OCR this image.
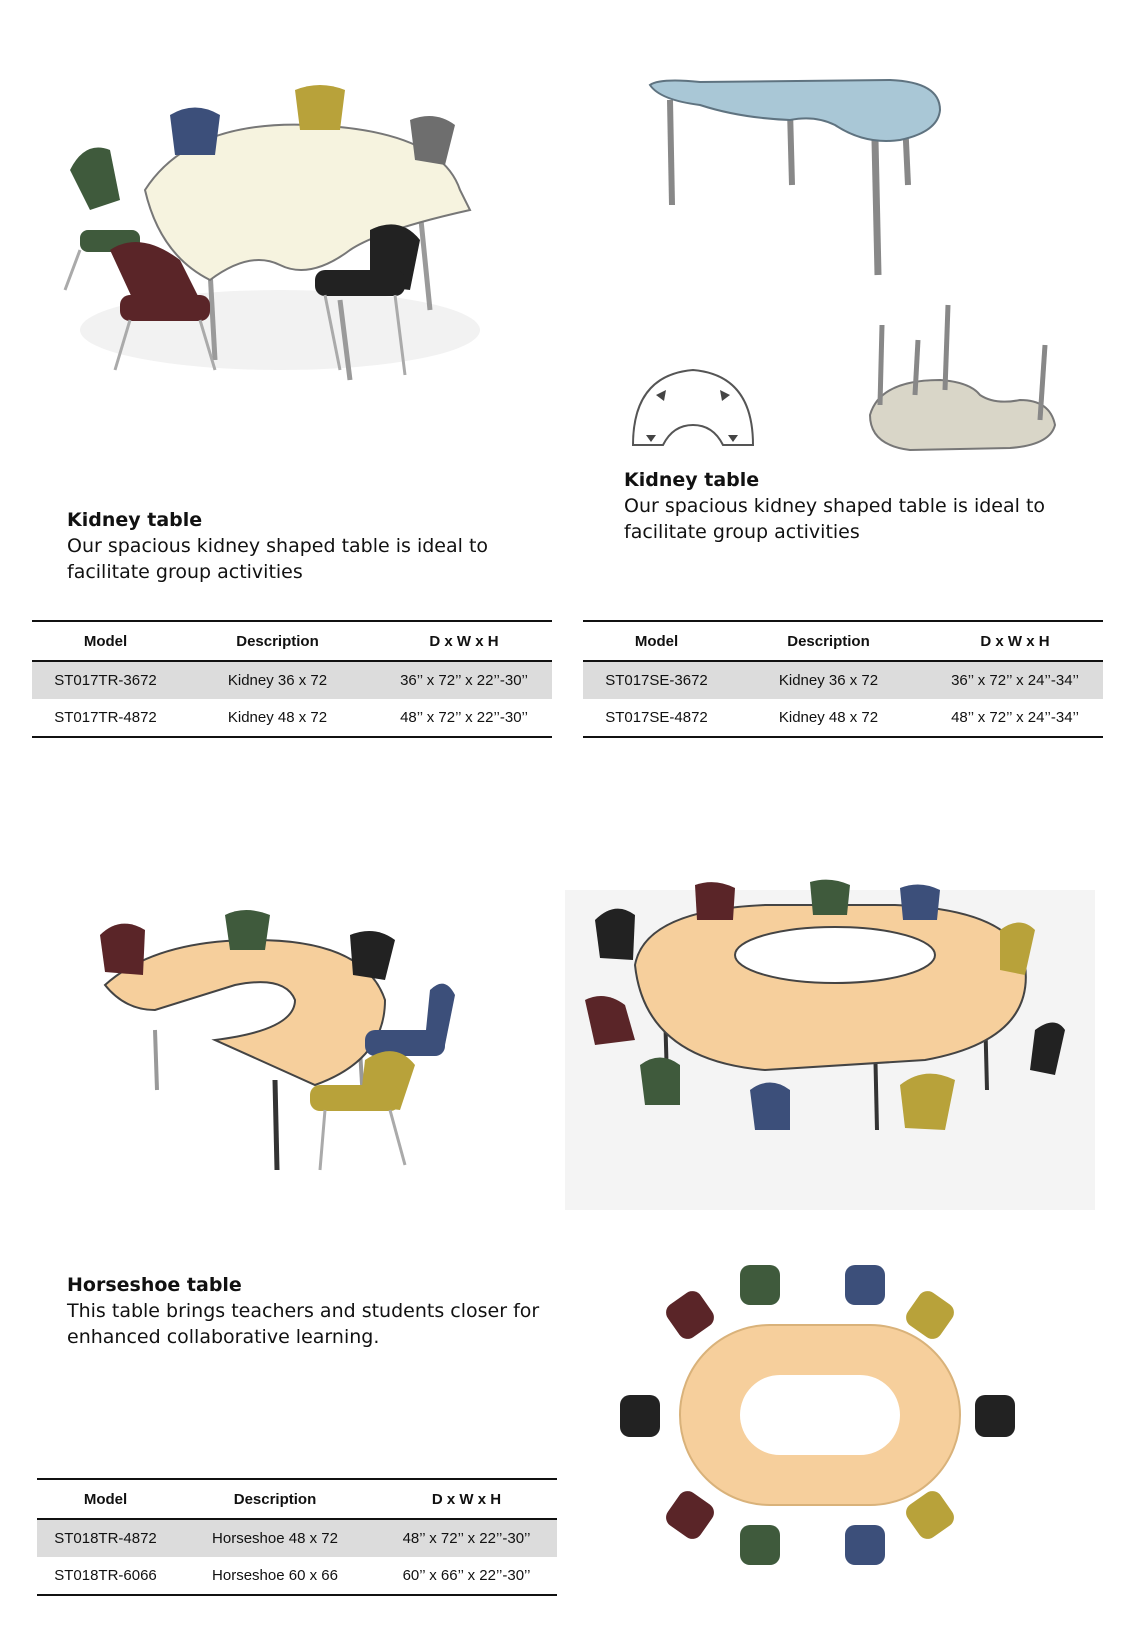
Kidney table
Our spacious kidney shaped table is ideal to facilitate group activities
Kidney table
Our spacious kidney shaped table is ideal to facilitate group activities
Model	Description	D x W x H
ST017TR-3672	Kidney 36 x 72	36’’ x 72’’ x 22’’-30’’
ST017TR-4872	Kidney 48 x 72	48’’ x 72’’ x 22’’-30’’
Model	Description	D x W x H
ST017SE-3672	Kidney 36 x 72	36’’ x 72’’ x 24’’-34’’
ST017SE-4872	Kidney 48 x 72	48’’ x 72’’ x 24’’-34’’
Horseshoe table
This table brings teachers and students closer for enhanced collaborative learning.
Model	Description	D x W x H
ST018TR-4872	Horseshoe 48 x 72	48’’ x 72’’ x 22’’-30’’
ST018TR-6066	Horseshoe 60 x 66	60’’ x 66’’ x 22’’-30’’
